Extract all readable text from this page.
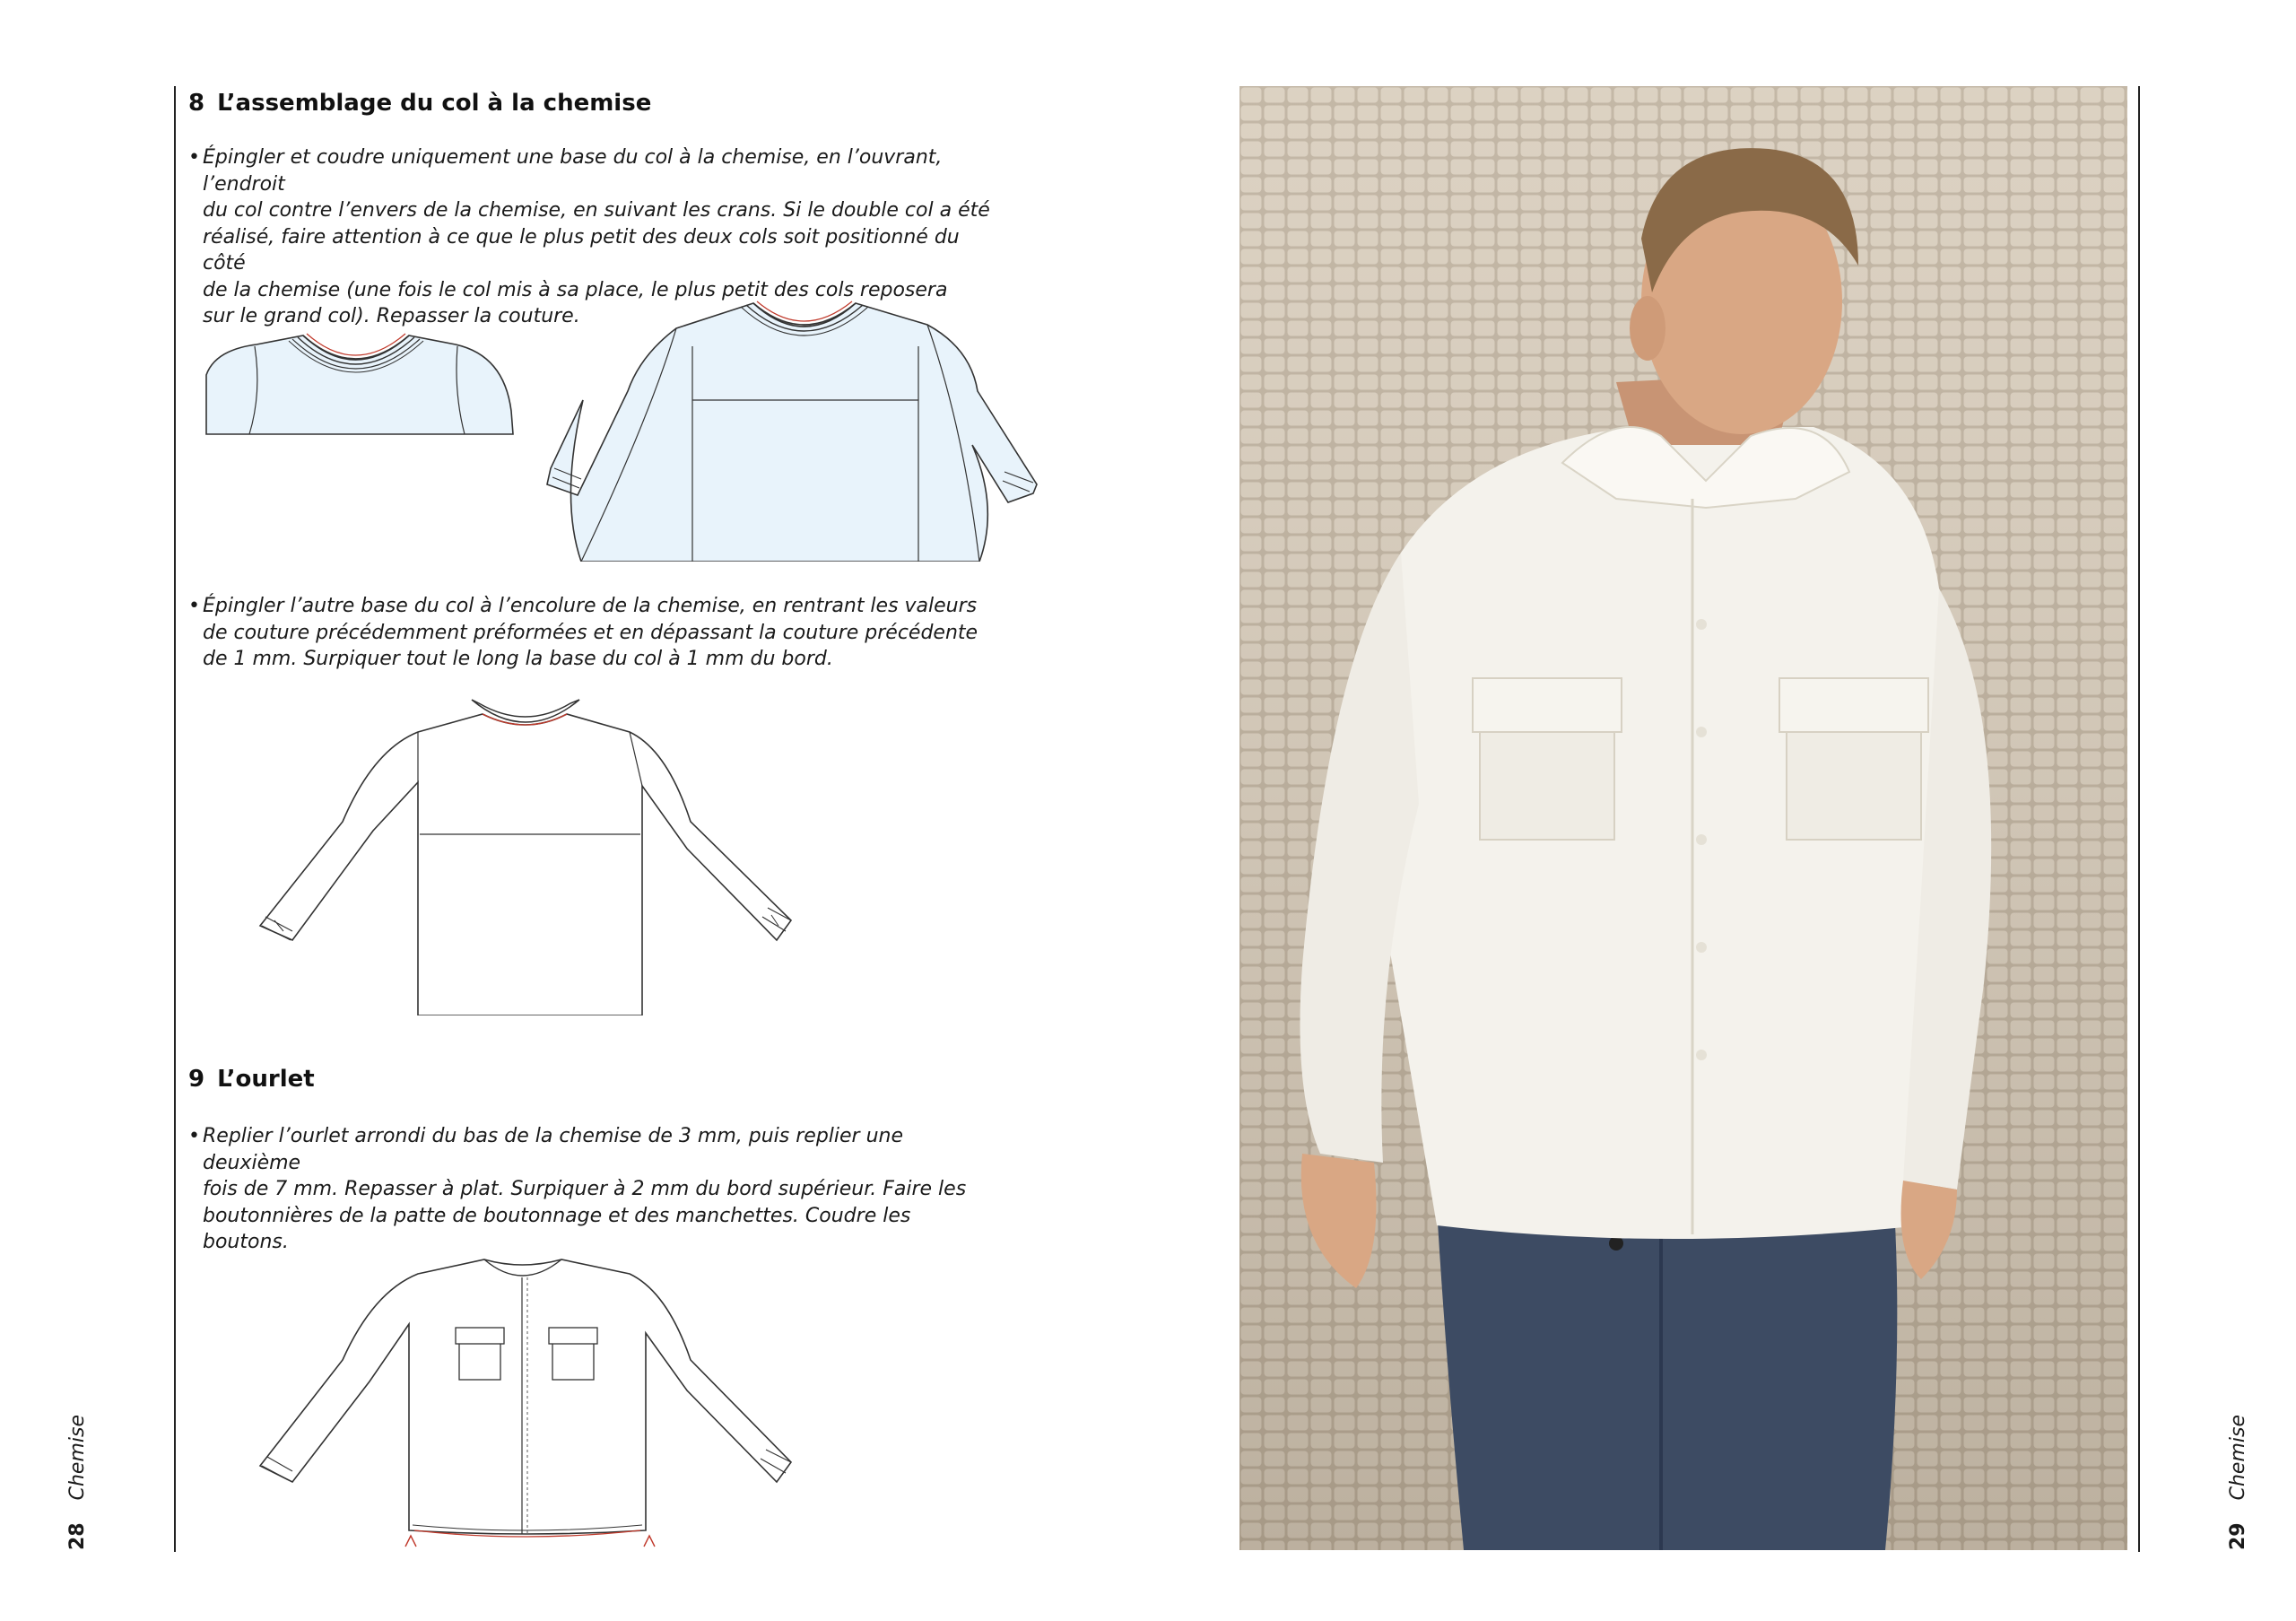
28 Chemise
8 L’assemblage du col à la chemise
• Épingler et coudre uniquement une base du col à la chemise, en l’ouvrant, l’endroit
du col contre l’envers de la chemise, en suivant les crans. Si le double col a été
réalisé, faire attention à ce que le plus petit des deux cols soit positionné du côté
de la chemise (une fois le col mis à sa place, le plus petit des cols reposera
sur le grand col). Repasser la couture.
• Épingler l’autre base du col à l’encolure de la chemise, en rentrant les valeurs
de couture précédemment préformées et en dépassant la couture précédente
de 1 mm. Surpiquer tout le long la base du col à 1 mm du bord.
9 L’ourlet
• Replier l’ourlet arrondi du bas de la chemise de 3 mm, puis replier une deuxième
fois de 7 mm. Repasser à plat. Surpiquer à 2 mm du bord supérieur. Faire les
boutonnières de la patte de boutonnage et des manchettes. Coudre les boutons.
29 Chemise
